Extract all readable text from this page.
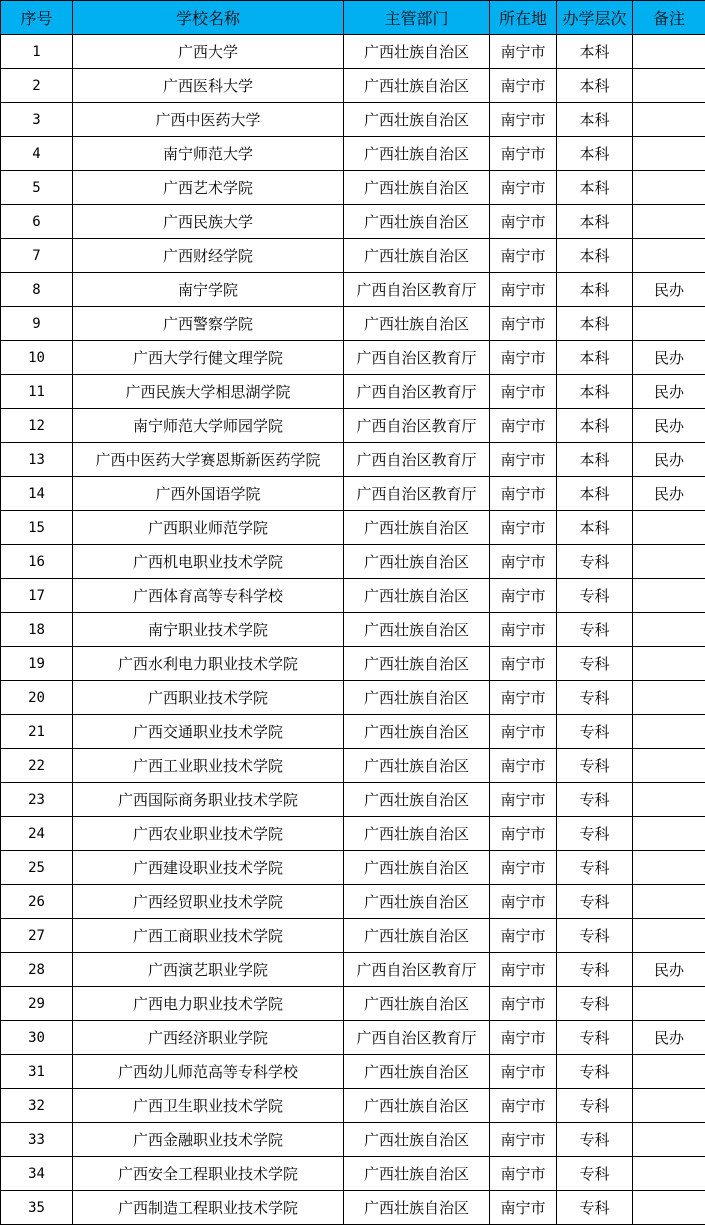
序号	学校名称	主管部门	所在地	办学层次	备注
1	广西大学	广西壮族自治区	南宁市	本科	
2	广西医科大学	广西壮族自治区	南宁市	本科	
3	广西中医药大学	广西壮族自治区	南宁市	本科	
4	南宁师范大学	广西壮族自治区	南宁市	本科	
5	广西艺术学院	广西壮族自治区	南宁市	本科	
6	广西民族大学	广西壮族自治区	南宁市	本科	
7	广西财经学院	广西壮族自治区	南宁市	本科	
8	南宁学院	广西自治区教育厅	南宁市	本科	民办
9	广西警察学院	广西壮族自治区	南宁市	本科	
10	广西大学行健文理学院	广西自治区教育厅	南宁市	本科	民办
11	广西民族大学相思湖学院	广西自治区教育厅	南宁市	本科	民办
12	南宁师范大学师园学院	广西自治区教育厅	南宁市	本科	民办
13	广西中医药大学赛恩斯新医药学院	广西自治区教育厅	南宁市	本科	民办
14	广西外国语学院	广西自治区教育厅	南宁市	本科	民办
15	广西职业师范学院	广西壮族自治区	南宁市	本科	
16	广西机电职业技术学院	广西壮族自治区	南宁市	专科	
17	广西体育高等专科学校	广西壮族自治区	南宁市	专科	
18	南宁职业技术学院	广西壮族自治区	南宁市	专科	
19	广西水利电力职业技术学院	广西壮族自治区	南宁市	专科	
20	广西职业技术学院	广西壮族自治区	南宁市	专科	
21	广西交通职业技术学院	广西壮族自治区	南宁市	专科	
22	广西工业职业技术学院	广西壮族自治区	南宁市	专科	
23	广西国际商务职业技术学院	广西壮族自治区	南宁市	专科	
24	广西农业职业技术学院	广西壮族自治区	南宁市	专科	
25	广西建设职业技术学院	广西壮族自治区	南宁市	专科	
26	广西经贸职业技术学院	广西壮族自治区	南宁市	专科	
27	广西工商职业技术学院	广西壮族自治区	南宁市	专科	
28	广西演艺职业学院	广西自治区教育厅	南宁市	专科	民办
29	广西电力职业技术学院	广西壮族自治区	南宁市	专科	
30	广西经济职业学院	广西自治区教育厅	南宁市	专科	民办
31	广西幼儿师范高等专科学校	广西壮族自治区	南宁市	专科	
32	广西卫生职业技术学院	广西壮族自治区	南宁市	专科	
33	广西金融职业技术学院	广西壮族自治区	南宁市	专科	
34	广西安全工程职业技术学院	广西壮族自治区	南宁市	专科	
35	广西制造工程职业技术学院	广西壮族自治区	南宁市	专科	
